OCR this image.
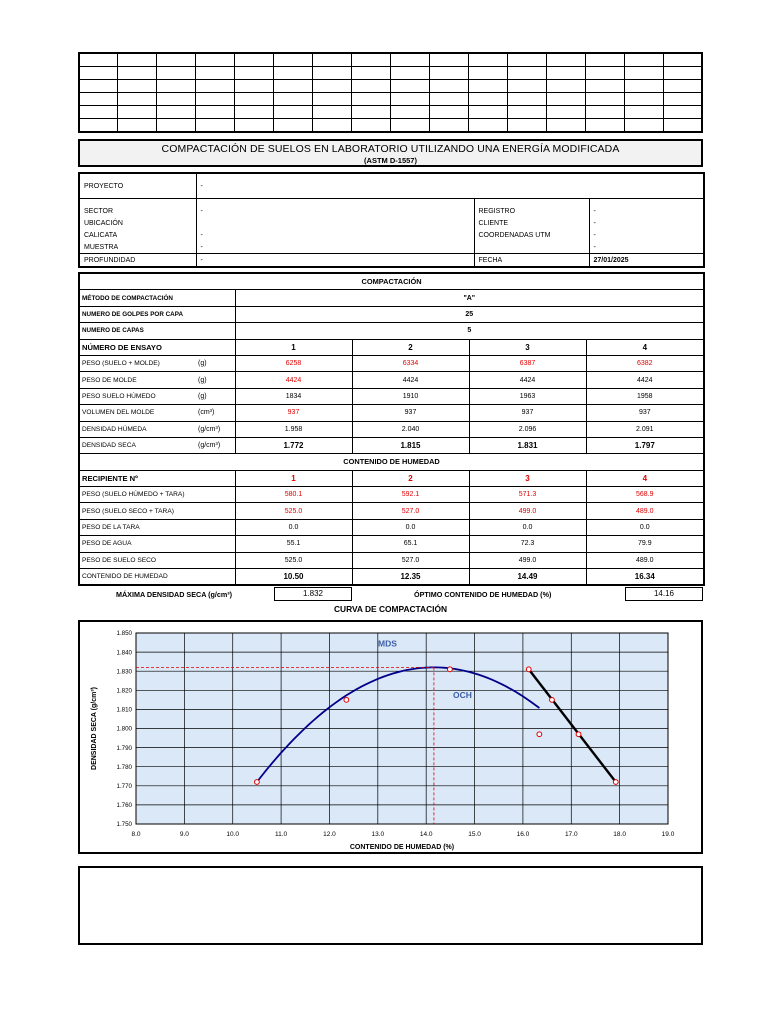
COMPACTACIÓN DE SUELOS EN LABORATORIO UTILIZANDO UNA ENERGÍA MODIFICADA
(ASTM D-1557)
PROYECTO	-		

SECTOR	-	REGISTRO	-
UBICACIÓN		CLIENTE	-
CALICATA	-	COORDENADAS UTM	-
MUESTRA	-		-
PROFUNDIDAD	-	FECHA	27/01/2025
COMPACTACIÓN					
MÉTODO DE COMPACTACIÓN		"A"			
NUMERO DE GOLPES POR CAPA		25			
NUMERO DE CAPAS		5			
NÚMERO DE ENSAYO		1	2	3	4
PESO (SUELO + MOLDE)	(g)	6258	6334	6387	6382
PESO DE MOLDE	(g)	4424	4424	4424	4424
PESO SUELO HÚMEDO	(g)	1834	1910	1963	1958
VOLUMEN DEL MOLDE	(cm³)	937	937	937	937
DENSIDAD HÚMEDA	(g/cm³)	1.958	2.040	2.096	2.091
DENSIDAD SECA	(g/cm³)	1.772	1.815	1.831	1.797
CONTENIDO DE HUMEDAD					
RECIPIENTE Nº		1	2	3	4
PESO (SUELO HÚMEDO + TARA)		580.1	592.1	571.3	568.9
PESO (SUELO SECO + TARA)		525.0	527.0	499.0	489.0
PESO DE LA TARA		0.0	0.0	0.0	0.0
PESO DE AGUA		55.1	65.1	72.3	79.9
PESO DE SUELO SECO		525.0	527.0	499.0	489.0
CONTENIDO DE HUMEDAD		10.50	12.35	14.49	16.34
MÁXIMA DENSIDAD SECA (g/cm³)	1.832	ÓPTIMO CONTENIDO DE HUMEDAD (%)	14.16
CURVA DE COMPACTACIÓN
8.0	9.0	10.0	11.0	12.0	13.0	14.0	15.0	16.0	17.0	18.0	19.0
1.750
1.760
1.770
1.780
1.790
1.800
1.810
1.820
1.830
1.840
1.850
CONTENIDO DE HUMEDAD (%)
DENSIDAD SECA (g/cm³)
MDS
OCH
